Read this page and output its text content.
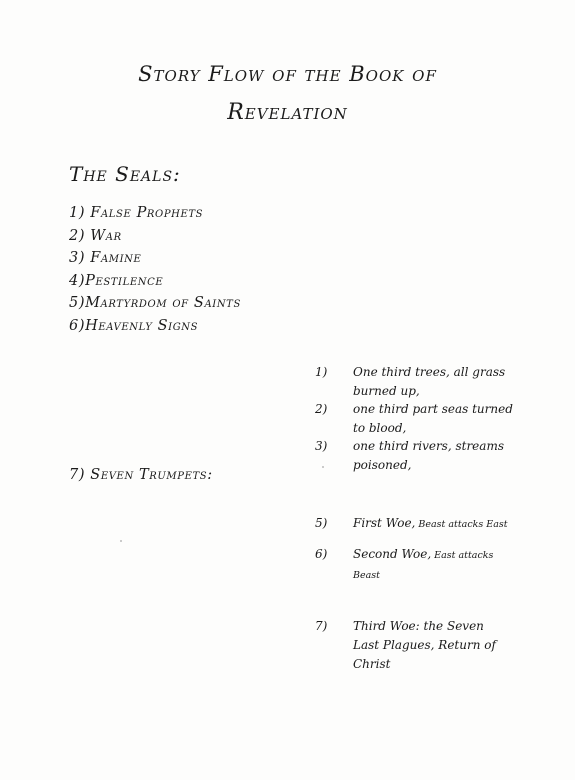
Story Flow of the Book of
Revelation
The Seals:
1) False Prophets
2) War
3) Famine
4)Pestilence
5)Martyrdom of Saints
6)Heavenly Signs
7) Seven Trumpets:
1)	One third trees, all grass burned up,
2)	one third part seas turned to blood,
3)	one third rivers, streams poisoned,
5)	First Woe, Beast attacks East
6)	Second Woe, East attacks Beast
7)	Third Woe: the Seven Last Plagues, Return of Christ
